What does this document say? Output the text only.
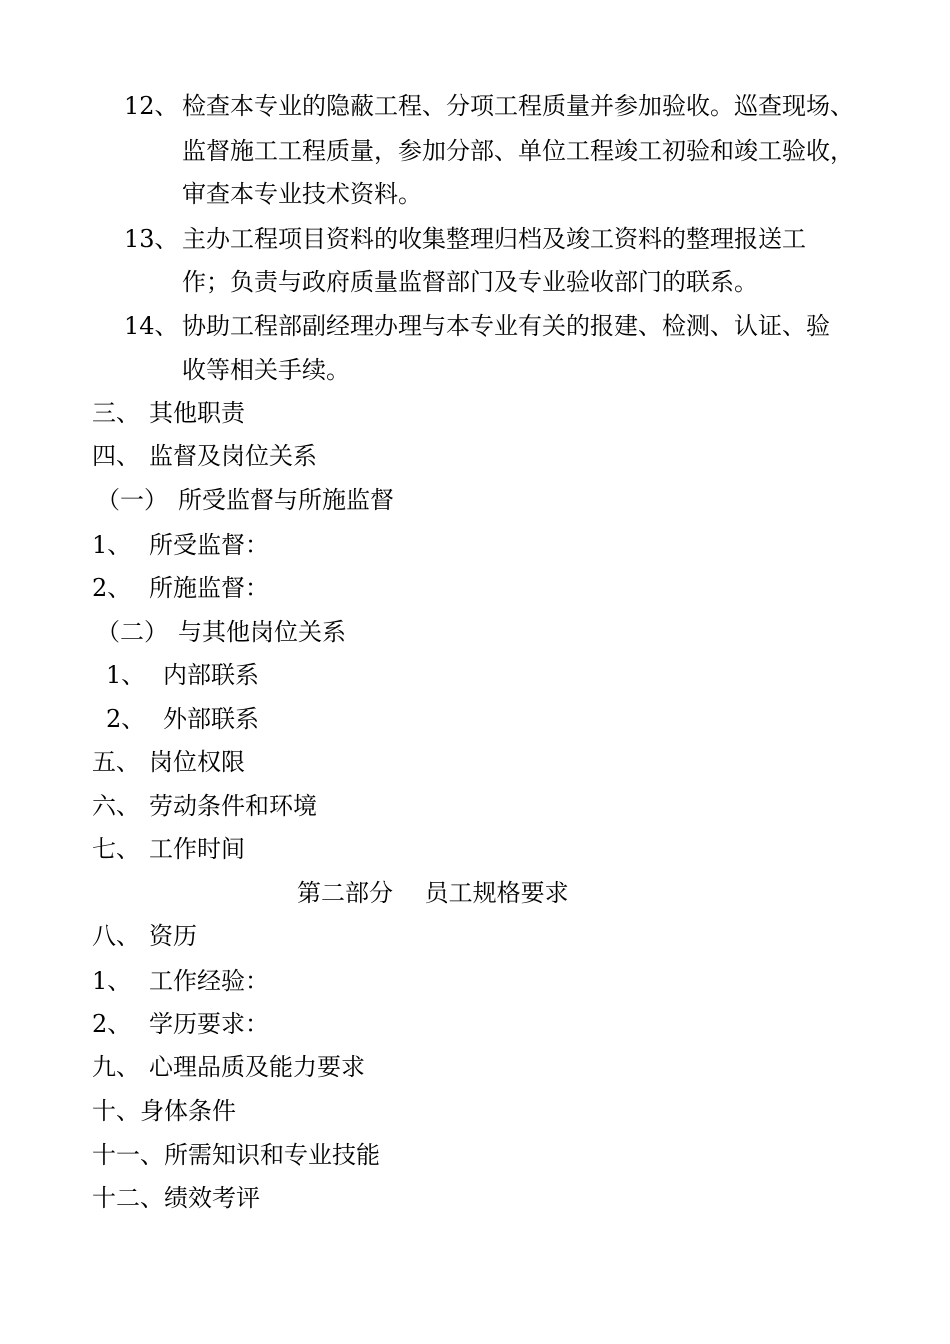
12、 检查本专业的隐蔽工程、分项工程质量并参加验收。巡查现场、
监督施工工程质量，参加分部、单位工程竣工初验和竣工验收，
审查本专业技术资料。
13、 主办工程项目资料的收集整理归档及竣工资料的整理报送工
作；负责与政府质量监督部门及专业验收部门的联系。
14、 协助工程部副经理办理与本专业有关的报建、检测、认证、验
收等相关手续。
三、 其他职责
四、 监督及岗位关系
（一） 所受监督与所施监督
1、 所受监督：
2、 所施监督：
（二） 与其他岗位关系
1、 内部联系
2、 外部联系
五、 岗位权限
六、 劳动条件和环境
七、 工作时间
第二部分　 员工规格要求
八、 资历
1、 工作经验：
2、 学历要求：
九、 心理品质及能力要求
十、身体条件
十一、所需知识和专业技能
十二、绩效考评
